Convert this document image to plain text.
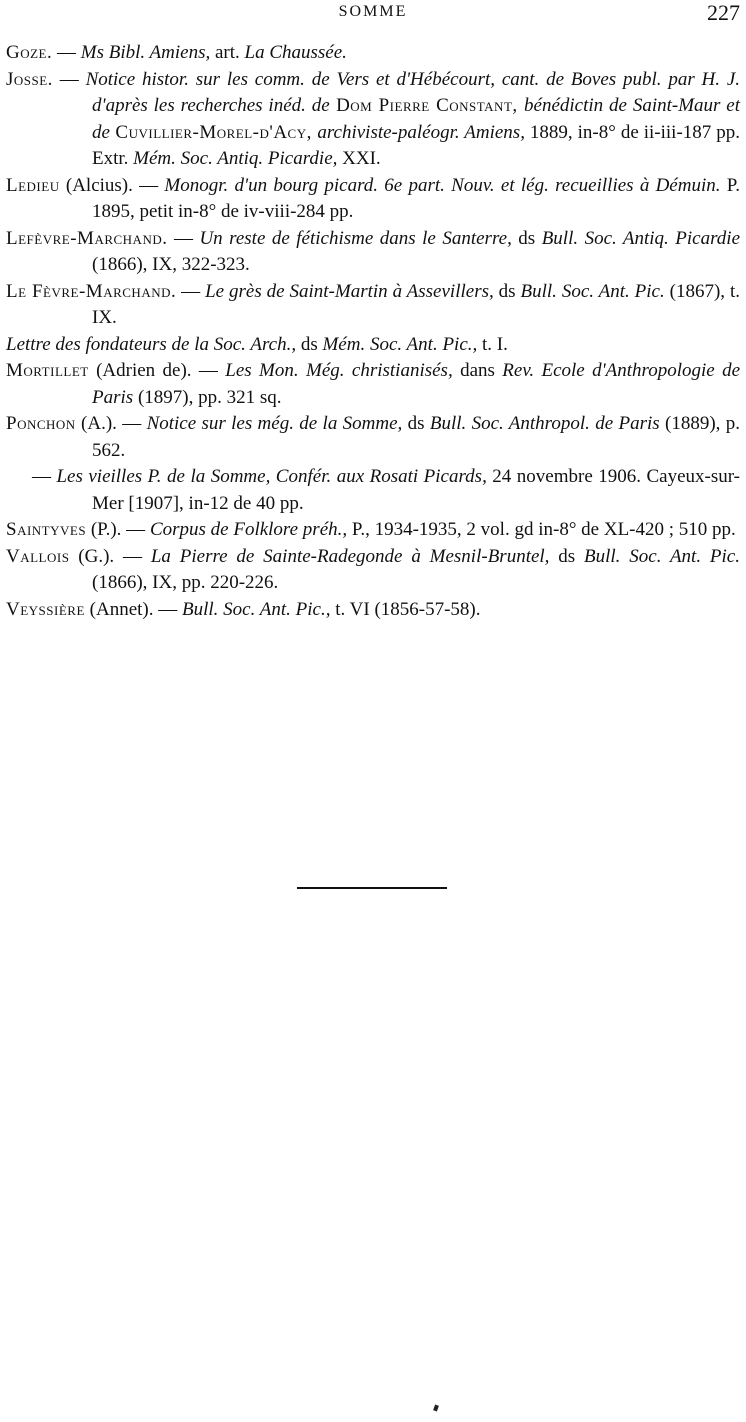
SOMME	227
Goze. — Ms Bibl. Amiens, art. La Chaussée.
Josse. — Notice histor. sur les comm. de Vers et d'Hébécourt, cant. de Boves publ. par H. J. d'après les recherches inéd. de Dom Pierre Constant, bénédictin de Saint-Maur et de Cuvillier-Morel-d'Acy, archiviste-paléogr. Amiens, 1889, in-8° de ii-iii-187 pp. Extr. Mém. Soc. Antiq. Picardie, XXI.
Ledieu (Alcius). — Monogr. d'un bourg picard. 6e part. Nouv. et lég. recueillies à Démuin. P. 1895, petit in-8° de iv-viii-284 pp.
Lefèvre-Marchand. — Un reste de fétichisme dans le Santerre, ds Bull. Soc. Antiq. Picardie (1866), IX, 322-323.
Le Fèvre-Marchand. — Le grès de Saint-Martin à Assevillers, ds Bull. Soc. Ant. Pic. (1867), t. IX.
Lettre des fondateurs de la Soc. Arch., ds Mém. Soc. Ant. Pic., t. I.
Mortillet (Adrien de). — Les Mon. Még. christianisés, dans Rev. Ecole d'Anthropologie de Paris (1897), pp. 321 sq.
Ponchon (A.). — Notice sur les még. de la Somme, ds Bull. Soc. Anthropol. de Paris (1889), p. 562.
— Les vieilles P. de la Somme, Confér. aux Rosati Picards, 24 novembre 1906. Cayeux-sur-Mer [1907], in-12 de 40 pp.
Saintyves (P.). — Corpus de Folklore préh., P., 1934-1935, 2 vol. gd in-8° de XL-420 ; 510 pp.
Vallois (G.). — La Pierre de Sainte-Radegonde à Mesnil-Bruntel, ds Bull. Soc. Ant. Pic. (1866), IX, pp. 220-226.
Veyssière (Annet). — Bull. Soc. Ant. Pic., t. VI (1856-57-58).
